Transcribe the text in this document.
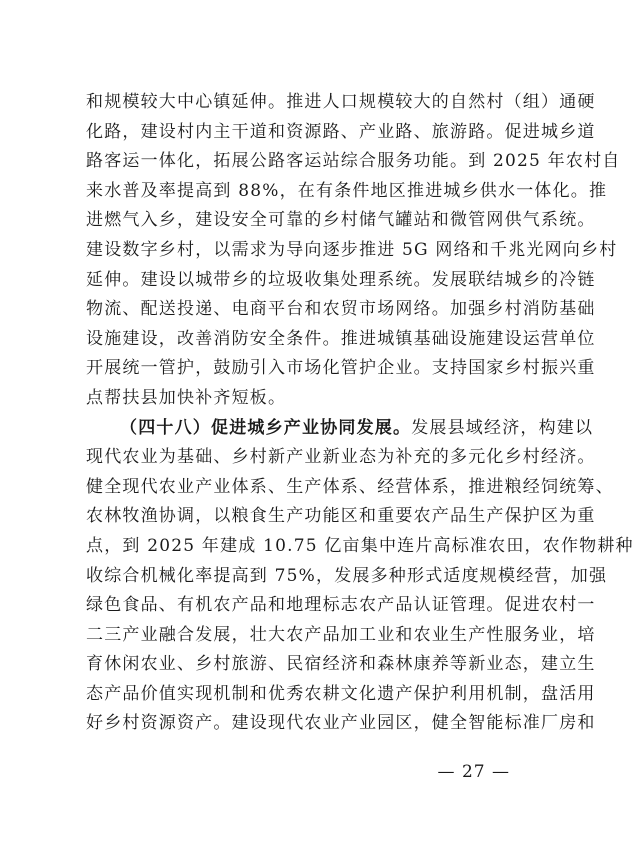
和规模较大中心镇延伸。推进人口规模较大的自然村（组）通硬
化路，建设村内主干道和资源路、产业路、旅游路。促进城乡道
路客运一体化，拓展公路客运站综合服务功能。到 2025 年农村自
来水普及率提高到 88%，在有条件地区推进城乡供水一体化。推
进燃气入乡，建设安全可靠的乡村储气罐站和微管网供气系统。
建设数字乡村，以需求为导向逐步推进 5G 网络和千兆光网向乡村
延伸。建设以城带乡的垃圾收集处理系统。发展联结城乡的冷链
物流、配送投递、电商平台和农贸市场网络。加强乡村消防基础
设施建设，改善消防安全条件。推进城镇基础设施建设运营单位
开展统一管护，鼓励引入市场化管护企业。支持国家乡村振兴重
点帮扶县加快补齐短板。
（四十八）促进城乡产业协同发展。发展县域经济，构建以
现代农业为基础、乡村新产业新业态为补充的多元化乡村经济。
健全现代农业产业体系、生产体系、经营体系，推进粮经饲统筹、
农林牧渔协调，以粮食生产功能区和重要农产品生产保护区为重
点，到 2025 年建成 10.75 亿亩集中连片高标准农田，农作物耕种
收综合机械化率提高到 75%，发展多种形式适度规模经营，加强
绿色食品、有机农产品和地理标志农产品认证管理。促进农村一
二三产业融合发展，壮大农产品加工业和农业生产性服务业，培
育休闲农业、乡村旅游、民宿经济和森林康养等新业态，建立生
态产品价值实现机制和优秀农耕文化遗产保护利用机制，盘活用
好乡村资源资产。建设现代农业产业园区，健全智能标准厂房和
— 27 —
